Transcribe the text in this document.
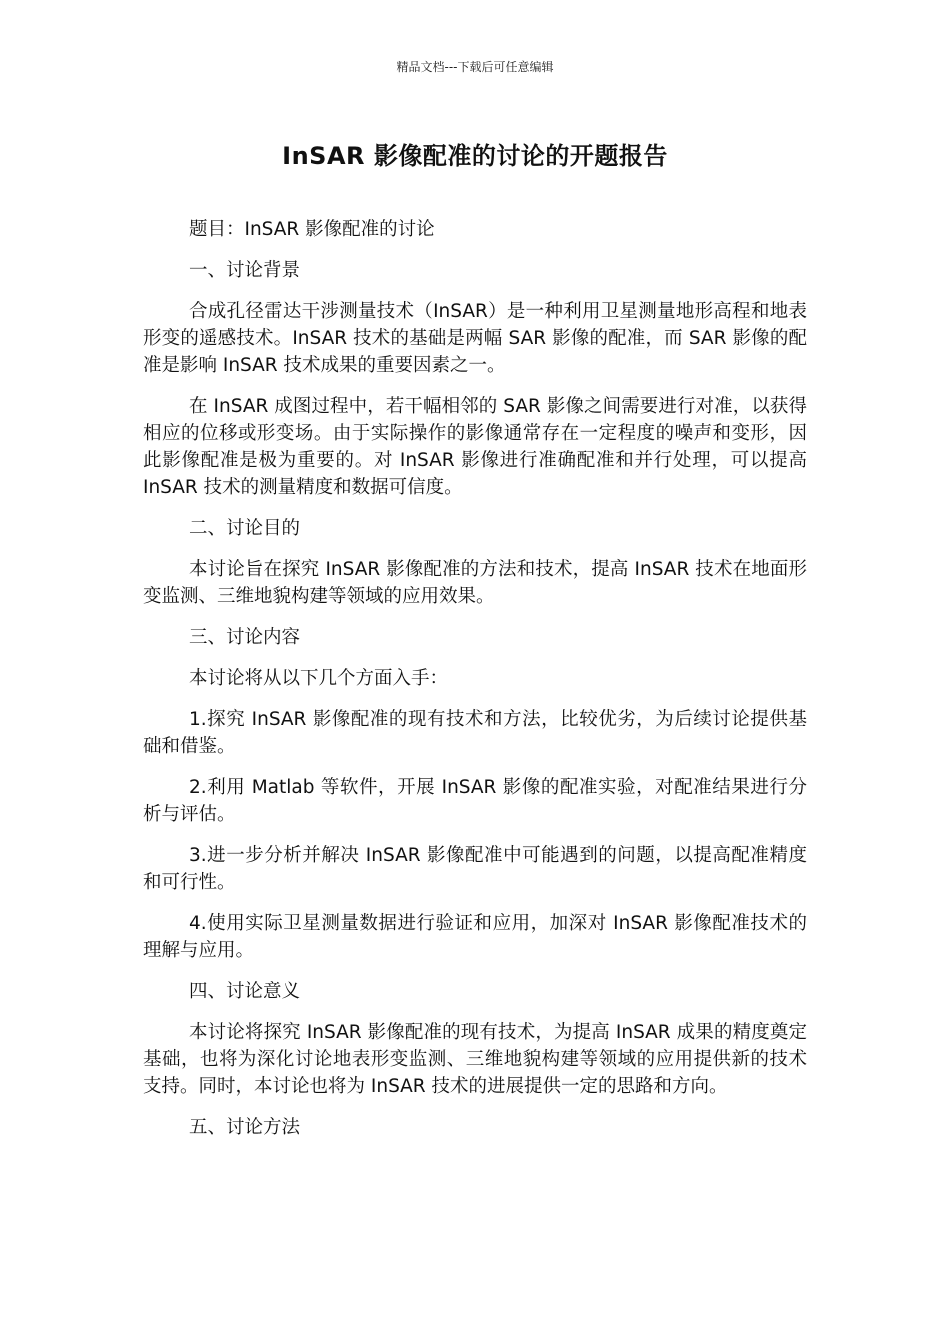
精品文档---下载后可任意编辑
InSAR 影像配准的讨论的开题报告

题目：InSAR 影像配准的讨论

一、讨论背景

合成孔径雷达干涉测量技术（InSAR）是一种利用卫星测量地形高程和地表形变的遥感技术。InSAR 技术的基础是两幅 SAR 影像的配准，而 SAR 影像的配准是影响 InSAR 技术成果的重要因素之一。

在 InSAR 成图过程中，若干幅相邻的 SAR 影像之间需要进行对准，以获得相应的位移或形变场。由于实际操作的影像通常存在一定程度的噪声和变形，因此影像配准是极为重要的。对 InSAR 影像进行准确配准和并行处理，可以提高 InSAR 技术的测量精度和数据可信度。

二、讨论目的

本讨论旨在探究 InSAR 影像配准的方法和技术，提高 InSAR 技术在地面形变监测、三维地貌构建等领域的应用效果。

三、讨论内容

本讨论将从以下几个方面入手：

1.探究 InSAR 影像配准的现有技术和方法，比较优劣，为后续讨论提供基础和借鉴。

2.利用 Matlab 等软件，开展 InSAR 影像的配准实验，对配准结果进行分析与评估。

3.进一步分析并解决 InSAR 影像配准中可能遇到的问题，以提高配准精度和可行性。

4.使用实际卫星测量数据进行验证和应用，加深对 InSAR 影像配准技术的理解与应用。

四、讨论意义

本讨论将探究 InSAR 影像配准的现有技术，为提高 InSAR 成果的精度奠定基础，也将为深化讨论地表形变监测、三维地貌构建等领域的应用提供新的技术支持。同时，本讨论也将为 InSAR 技术的进展提供一定的思路和方向。

五、讨论方法
